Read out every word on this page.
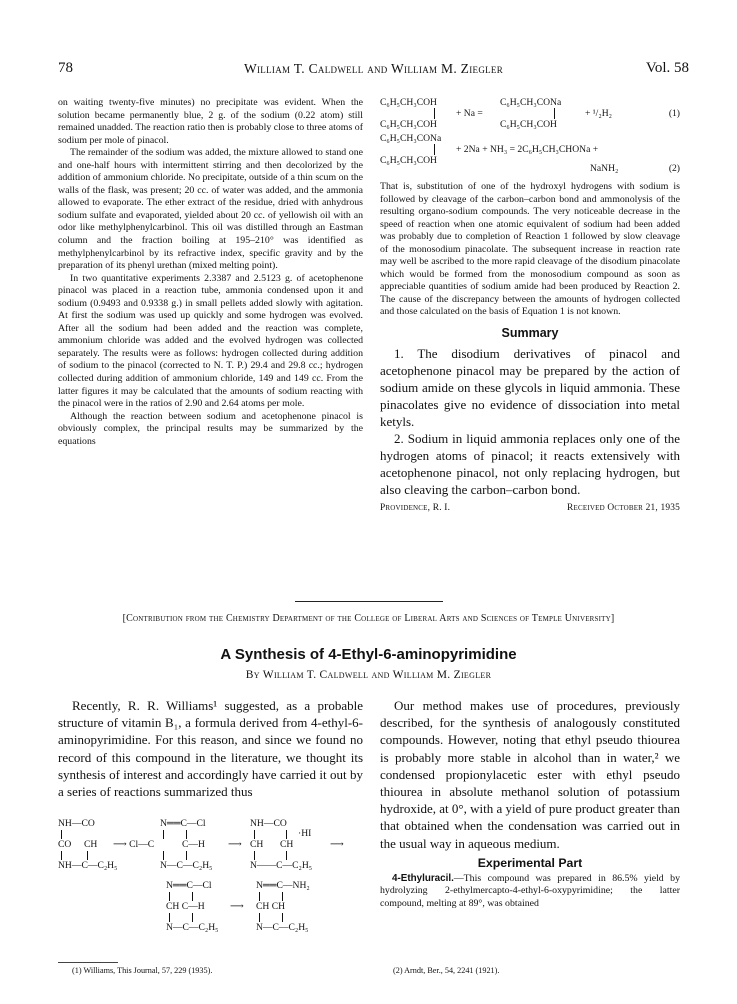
78	William T. Caldwell and William M. Ziegler	Vol. 58

on waiting twenty-five minutes) no precipitate was evident. When the solution became permanently blue, 2 g. of the sodium (0.22 atom) still remained unadded. The reaction ratio then is probably close to three atoms of sodium per mole of pinacol.

The remainder of the sodium was added, the mixture allowed to stand one and one-half hours with intermittent stirring and then decolorized by the addition of ammonium chloride. No precipitate, outside of a thin scum on the walls of the flask, was present; 20 cc. of water was added, and the ammonia allowed to evaporate. The ether extract of the residue, dried with anhydrous sodium sulfate and evaporated, yielded about 20 cc. of yellowish oil with an odor like methylphenylcarbinol. This oil was distilled through an Eastman column and the fraction boiling at 195–210° was identified as methylphenylcarbinol by its refractive index, specific gravity and by the preparation of its phenyl urethan (mixed melting point).

In two quantitative experiments 2.3387 and 2.5123 g. of acetophenone pinacol was placed in a reaction tube, ammonia condensed upon it and sodium (0.9493 and 0.9338 g.) in small pellets added slowly with agitation. At first the sodium was used up quickly and some hydrogen was evolved. After all the sodium had been added and the reaction was complete, ammonium chloride was added and the evolved hydrogen was collected separately. The results were as follows: hydrogen collected during addition of sodium to the pinacol (corrected to N. T. P.) 29.4 and 29.8 cc.; hydrogen collected during addition of ammonium chloride, 149 and 149 cc. From the latter figures it may be calculated that the amounts of sodium reacting with the pinacol were in the ratios of 2.90 and 2.64 atoms per mole.

Although the reaction between sodium and acetophenone pinacol is obviously complex, the principal results may be summarized by the equations

C₆H₅CH₃COH
C₆H₅CH₃COH
+ Na =
C₆H₅CH₃CONa
C₆H₅CH₃COH
+ ¹/₂H₂	(1)
C₆H₅CH₃CONa
C₆H₅CH₃COH
+ 2Na + NH₃ = 2C₆H₅CH₃CHONa +
NaNH₂	(2)

That is, substitution of one of the hydroxyl hydrogens with sodium is followed by cleavage of the carbon–carbon bond and ammonolysis of the resulting organo-sodium compounds. The very noticeable decrease in the speed of reaction when one atomic equivalent of sodium had been added was probably due to completion of Reaction 1 followed by slow cleavage of the monosodium pinacolate. The subsequent increase in reaction rate may well be ascribed to the more rapid cleavage of the disodium pinacolate which would be formed from the monosodium compound as soon as appreciable quantities of sodium amide had been produced by Reaction 2. The cause of the discrepancy between the amounts of hydrogen collected and those calculated on the basis of Equation 1 is not known.

Summary

1. The disodium derivatives of pinacol and acetophenone pinacol may be prepared by the action of sodium amide on these glycols in liquid ammonia. These pinacolates give no evidence of dissociation into metal ketyls.

2. Sodium in liquid ammonia replaces only one of the hydrogen atoms of pinacol; it reacts extensively with acetophenone pinacol, not only replacing hydrogen, but also cleaving the carbon–carbon bond.

Providence, R. I.	Received October 21, 1935
[Contribution from the Chemistry Department of the College of Liberal Arts and Sciences of Temple University]
A Synthesis of 4-Ethyl-6-aminopyrimidine
By William T. Caldwell and William M. Ziegler

Recently, R. R. Williams¹ suggested, as a probable structure of vitamin B₁, a formula derived from 4-ethyl-6-aminopyrimidine. For this reason, and since we found no record of this compound in the literature, we thought its synthesis of interest and accordingly have carried it out by a series of reactions summarized thus

NH—CO
CO CH
NH—C—C₂H₅
⟶ Cl—C
N══C—Cl
C—H
N—C—C₂H₅
⟶
NH—CO
·HI
CH CH
N——C—C₂H₅
⟶
N══C—Cl
CH C—H
N—C—C₂H₅
⟶
N══C—NH₂
CH CH
N—C—C₂H₅

Our method makes use of procedures, previously described, for the synthesis of analogously constituted compounds. However, noting that ethyl pseudo thiourea is probably more stable in alcohol than in water,² we condensed propionylacetic ester with ethyl pseudo thiourea in absolute methanol solution of potassium hydroxide, at 0°, with a yield of pure product greater than that obtained when the condensation was carried out in the usual way in aqueous medium.

Experimental Part

4-Ethyluracil.—This compound was prepared in 86.5% yield by hydrolyzing 2-ethylmercapto-4-ethyl-6-oxypyrimidine; the latter compound, melting at 89°, was obtained

(1) Williams, This Journal, 57, 229 (1935).	(2) Arndt, Ber., 54, 2241 (1921).
